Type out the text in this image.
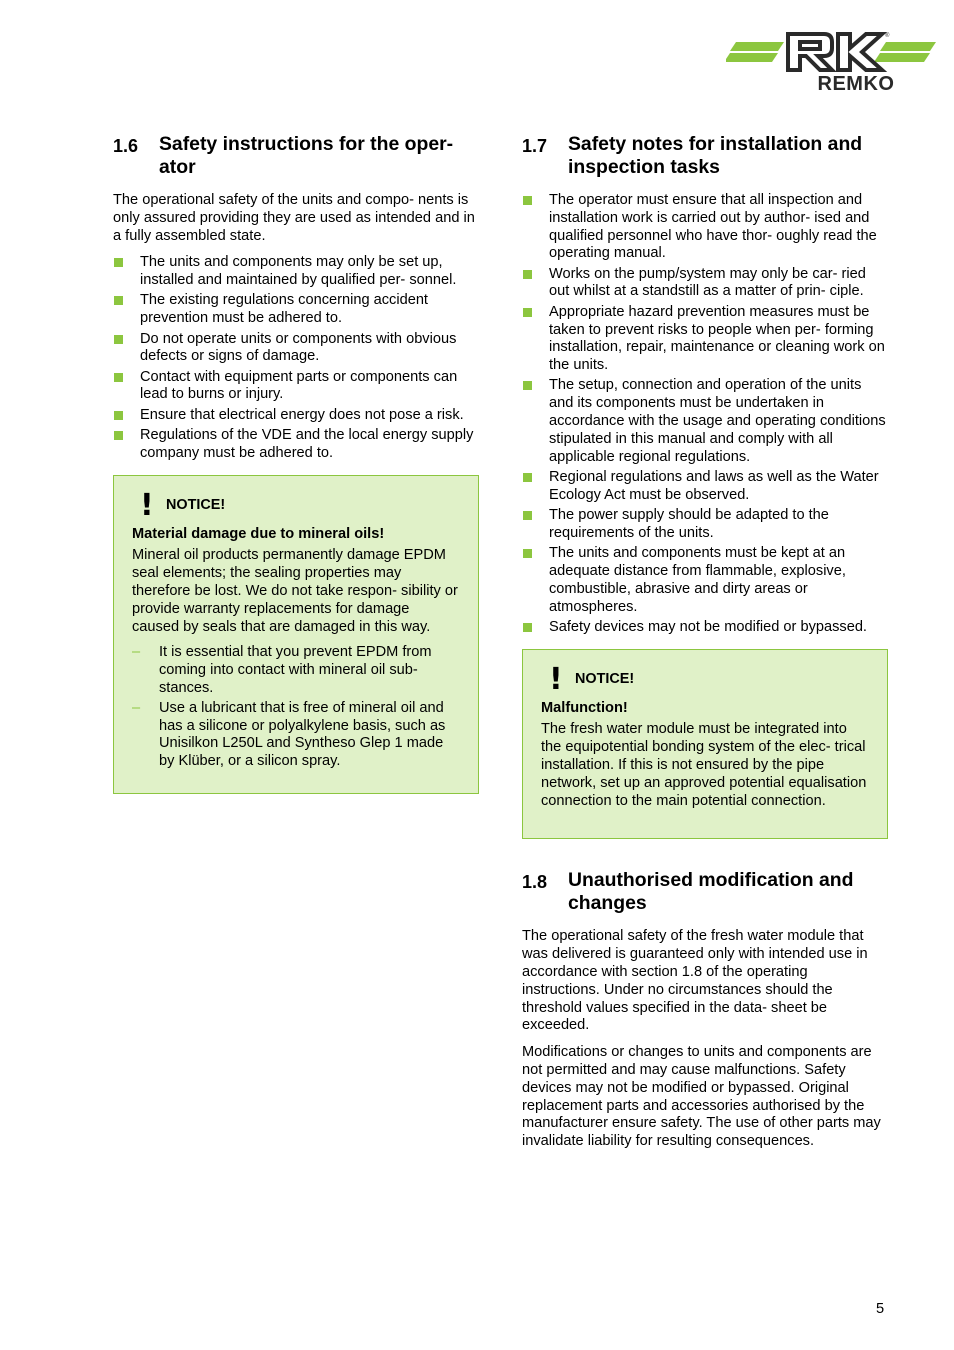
REMKO
®
1.6	Safety instructions for the oper- ator

The operational safety of the units and compo- nents is only assured providing they are used as intended and in a fully assembled state.

The units and components may only be set up, installed and maintained by qualified per- sonnel.
The existing regulations concerning accident prevention must be adhered to.
Do not operate units or components with obvious defects or signs of damage.
Contact with equipment parts or components can lead to burns or injury.
Ensure that electrical energy does not pose a risk.
Regulations of the VDE and the local energy supply company must be adhered to.
! NOTICE!
Material damage due to mineral oils!

Mineral oil products permanently damage EPDM seal elements; the sealing properties may therefore be lost. We do not take respon- sibility or provide warranty replacements for damage caused by seals that are damaged in this way.

– It is essential that you prevent EPDM from coming into contact with mineral oil sub- stances.
– Use a lubricant that is free of mineral oil and has a silicone or polyalkylene basis, such as Unisilkon L250L and Syntheso Glep 1 made by Klüber, or a silicon spray.
1.7	Safety notes for installation and inspection tasks
The operator must ensure that all inspection and installation work is carried out by author- ised and qualified personnel who have thor- oughly read the operating manual.
Works on the pump/system may only be car- ried out whilst at a standstill as a matter of prin- ciple.
Appropriate hazard prevention measures must be taken to prevent risks to people when per- forming installation, repair, maintenance or cleaning work on the units.
The setup, connection and operation of the units and its components must be undertaken in accordance with the usage and operating conditions stipulated in this manual and comply with all applicable regional regulations.
Regional regulations and laws as well as the Water Ecology Act must be observed.
The power supply should be adapted to the requirements of the units.
The units and components must be kept at an adequate distance from flammable, explosive, combustible, abrasive and dirty areas or atmospheres.
Safety devices may not be modified or bypassed.
! NOTICE!
Malfunction!

The fresh water module must be integrated into the equipotential bonding system of the elec- trical installation. If this is not ensured by the pipe network, set up an approved potential equalisation connection to the main potential connection.

1.8	Unauthorised modification and changes

The operational safety of the fresh water module that was delivered is guaranteed only with intended use in accordance with section 1.8 of the operating instructions. Under no circumstances should the threshold values specified in the data- sheet be exceeded.

Modifications or changes to units and components are not permitted and may cause malfunctions. Safety devices may not be modified or bypassed. Original replacement parts and accessories authorised by the manufacturer ensure safety. The use of other parts may invalidate liability for resulting consequences.

5
